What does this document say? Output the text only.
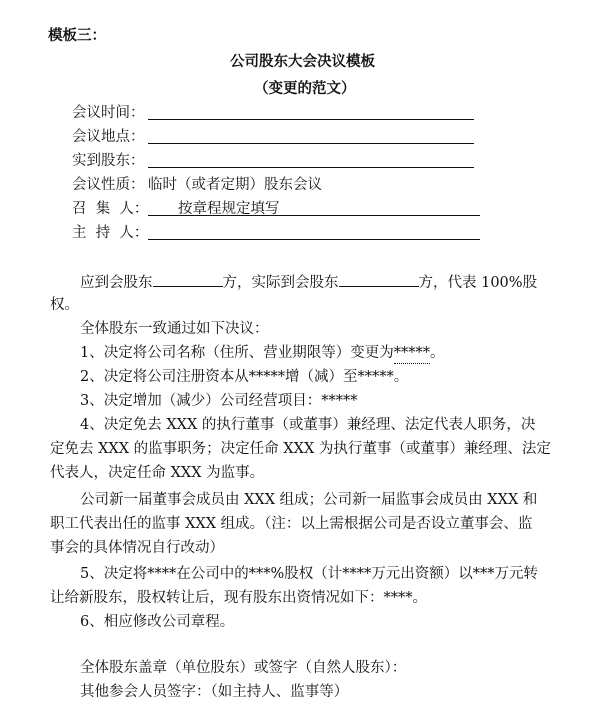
模板三：
公司股东大会决议模板
（变更的范文）
会议时间：
会议地点：
实到股东：
会议性质： 临时（或者定期）股东会议
召  集  人： 按章程规定填写
主  持  人：
应到会股东	方，实际到会股东	方，代表 100%股
权。
全体股东一致通过如下决议：
1、决定将公司名称（住所、营业期限等）变更为 ***** 。
2、决定将公司注册资本从*****增（减）至*****。
3、决定增加（减少）公司经营项目：*****
4、决定免去 XXX 的执行董事（或董事）兼经理、法定代表人职务，决
定免去 XXX 的监事职务；决定任命 XXX 为执行董事（或董事）兼经理、法定
代表人，决定任命 XXX 为监事。
公司新一届董事会成员由 XXX 组成；公司新一届监事会成员由 XXX 和
职工代表出任的监事 XXX 组成。（注：以上需根据公司是否设立董事会、监
事会的具体情况自行改动）
5、决定将****在公司中的***%股权（计****万元出资额）以***万元转
让给新股东，股权转让后，现有股东出资情况如下：****。
6、相应修改公司章程。
全体股东盖章（单位股东）或签字（自然人股东）：
其他参会人员签字：（如主持人、监事等）
